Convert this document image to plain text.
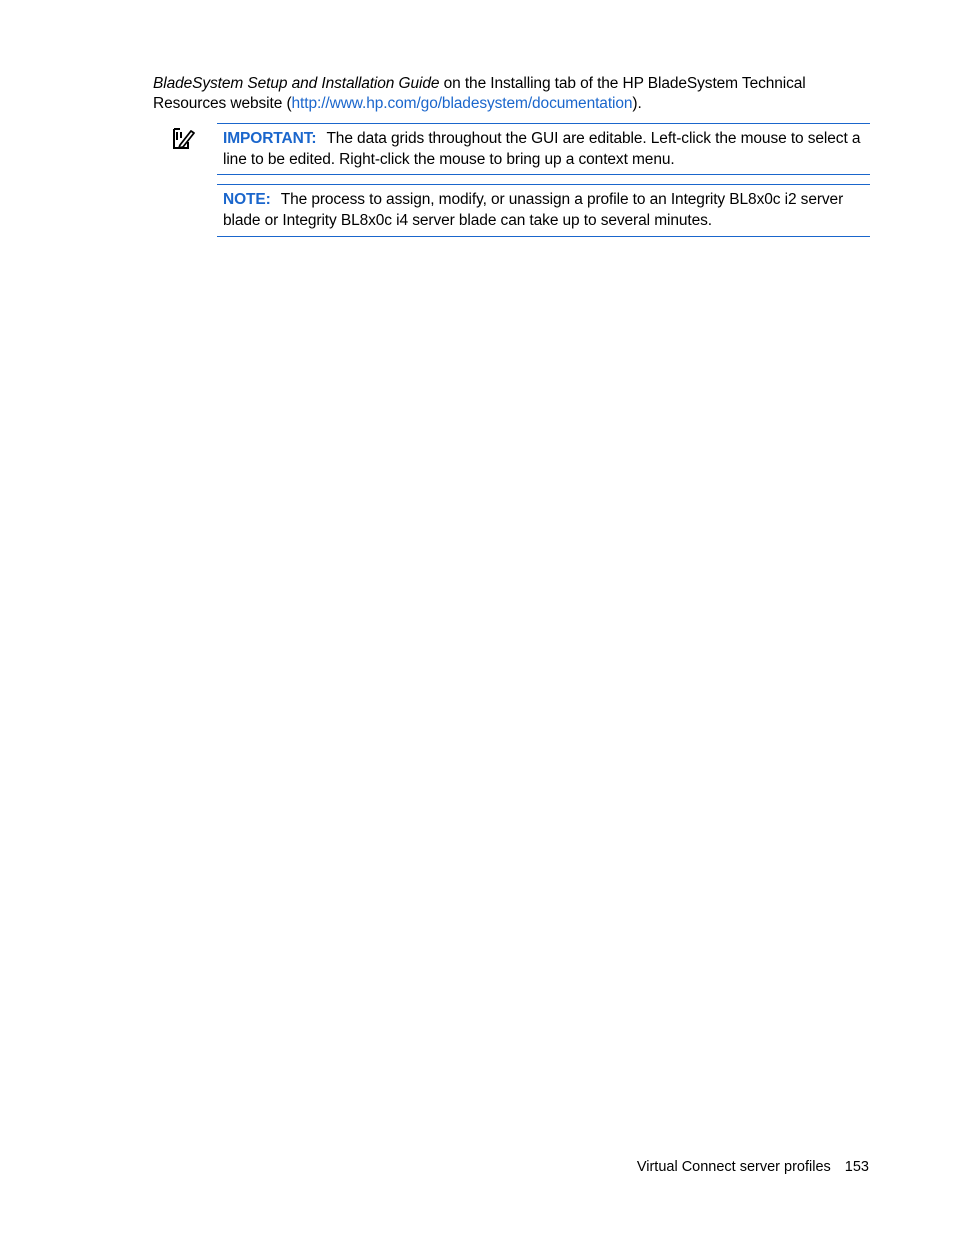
BladeSystem Setup and Installation Guide on the Installing tab of the HP BladeSystem Technical Resources website (http://www.hp.com/go/bladesystem/documentation).

IMPORTANT: The data grids throughout the GUI are editable. Left-click the mouse to select a line to be edited. Right-click the mouse to bring up a context menu.
NOTE: The process to assign, modify, or unassign a profile to an Integrity BL8x0c i2 server blade or Integrity BL8x0c i4 server blade can take up to several minutes.
Virtual Connect server profiles 153
